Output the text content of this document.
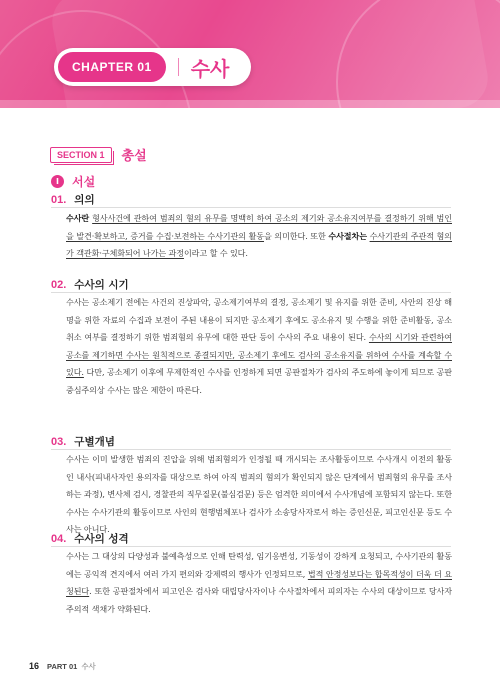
CHAPTER 01	수사
SECTION 1	총설
I	서설
01. 의의
수사란 형사사건에 관하여 범죄의 혐의 유무를 명백히 하여 공소의 제기와 공소유지여부를 결정하기 위해 범인을 발견·확보하고, 증거를 수집·보전하는 수사기관의 활동을 의미한다. 또한 수사절차는 수사기관의 주관적 혐의가 객관화·구체화되어 나가는 과정이라고 할 수 있다.
02. 수사의 시기
수사는 공소제기 전에는 사건의 진상파악, 공소제기여부의 결정, 공소제기 및 유지를 위한 준비, 사안의 진상 해명을 위한 자료의 수집과 보전이 주된 내용이 되지만 공소제기 후에도 공소유지 및 수행을 위한 준비활동, 공소취소 여부를 결정하기 위한 범죄혐의 유무에 대한 판단 등이 수사의 주요 내용이 된다. 수사의 시기와 관련하여 공소를 제기하면 수사는 원칙적으로 종결되지만, 공소제기 후에도 검사의 공소유지를 위하여 수사를 계속할 수 있다. 다만, 공소제기 이후에 무제한적인 수사를 인정하게 되면 공판절차가 검사의 주도하에 놓이게 되므로 공판중심주의상 수사는 많은 제한이 따른다.
03. 구별개념
수사는 이미 발생한 범죄의 진압을 위해 범죄혐의가 인정될 때 개시되는 조사활동이므로 수사개시 이전의 활동인 내사(피내사자인 용의자를 대상으로 하여 아직 범죄의 혐의가 확인되지 않은 단계에서 범죄혐의 유무를 조사하는 과정), 변사체 검시, 경찰관의 직무질문(불심검문) 등은 엄격한 의미에서 수사개념에 포함되지 않는다. 또한 수사는 수사기관의 활동이므로 사인의 현행범체포나 검사가 소송당사자로서 하는 증인신문, 피고인신문 등도 수사는 아니다.
04. 수사의 성격
수사는 그 대상의 다양성과 불예측성으로 인해 탄력성, 임기응변성, 기동성이 강하게 요청되고, 수사기관의 활동에는 공익적 견지에서 여러 가지 편의와 강제력의 행사가 인정되므로, 법적 안정성보다는 합목적성이 더욱 더 요청된다. 또한 공판절차에서 피고인은 검사와 대립당사자이나 수사절차에서 피의자는 수사의 대상이므로 당사자주의적 색채가 약화된다.
16 PART 01 수사
